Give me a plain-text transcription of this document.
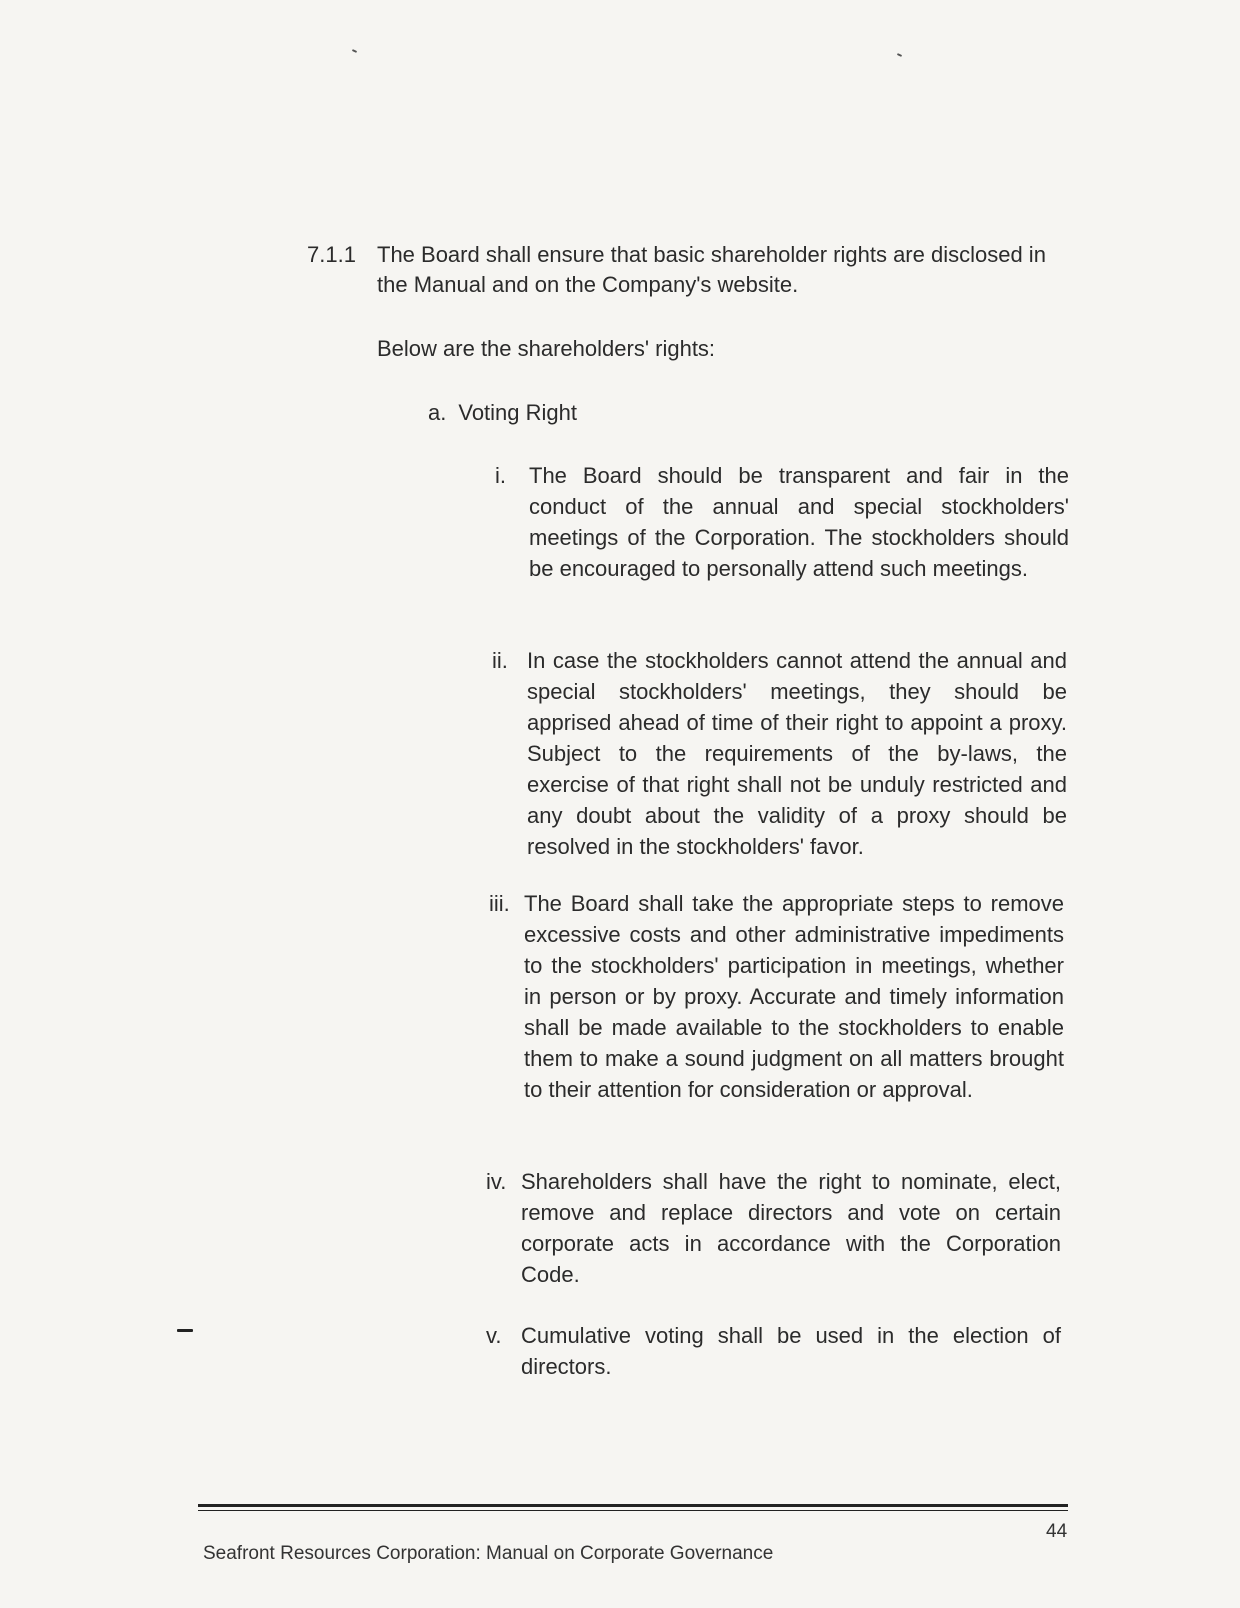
7.1.1 The Board shall ensure that basic shareholder rights are disclosed in the Manual and on the Company's website.
Below are the shareholders' rights:
a. Voting Right
i. The Board should be transparent and fair in the conduct of the annual and special stockholders' meetings of the Corporation. The stockholders should be encouraged to personally attend such meetings.
ii. In case the stockholders cannot attend the annual and special stockholders' meetings, they should be apprised ahead of time of their right to appoint a proxy. Subject to the requirements of the by-laws, the exercise of that right shall not be unduly restricted and any doubt about the validity of a proxy should be resolved in the stockholders' favor.
iii. The Board shall take the appropriate steps to remove excessive costs and other administrative impediments to the stockholders' participation in meetings, whether in person or by proxy. Accurate and timely information shall be made available to the stockholders to enable them to make a sound judgment on all matters brought to their attention for consideration or approval.
iv. Shareholders shall have the right to nominate, elect, remove and replace directors and vote on certain corporate acts in accordance with the Corporation Code.
v. Cumulative voting shall be used in the election of directors.
44
Seafront Resources Corporation: Manual on Corporate Governance
